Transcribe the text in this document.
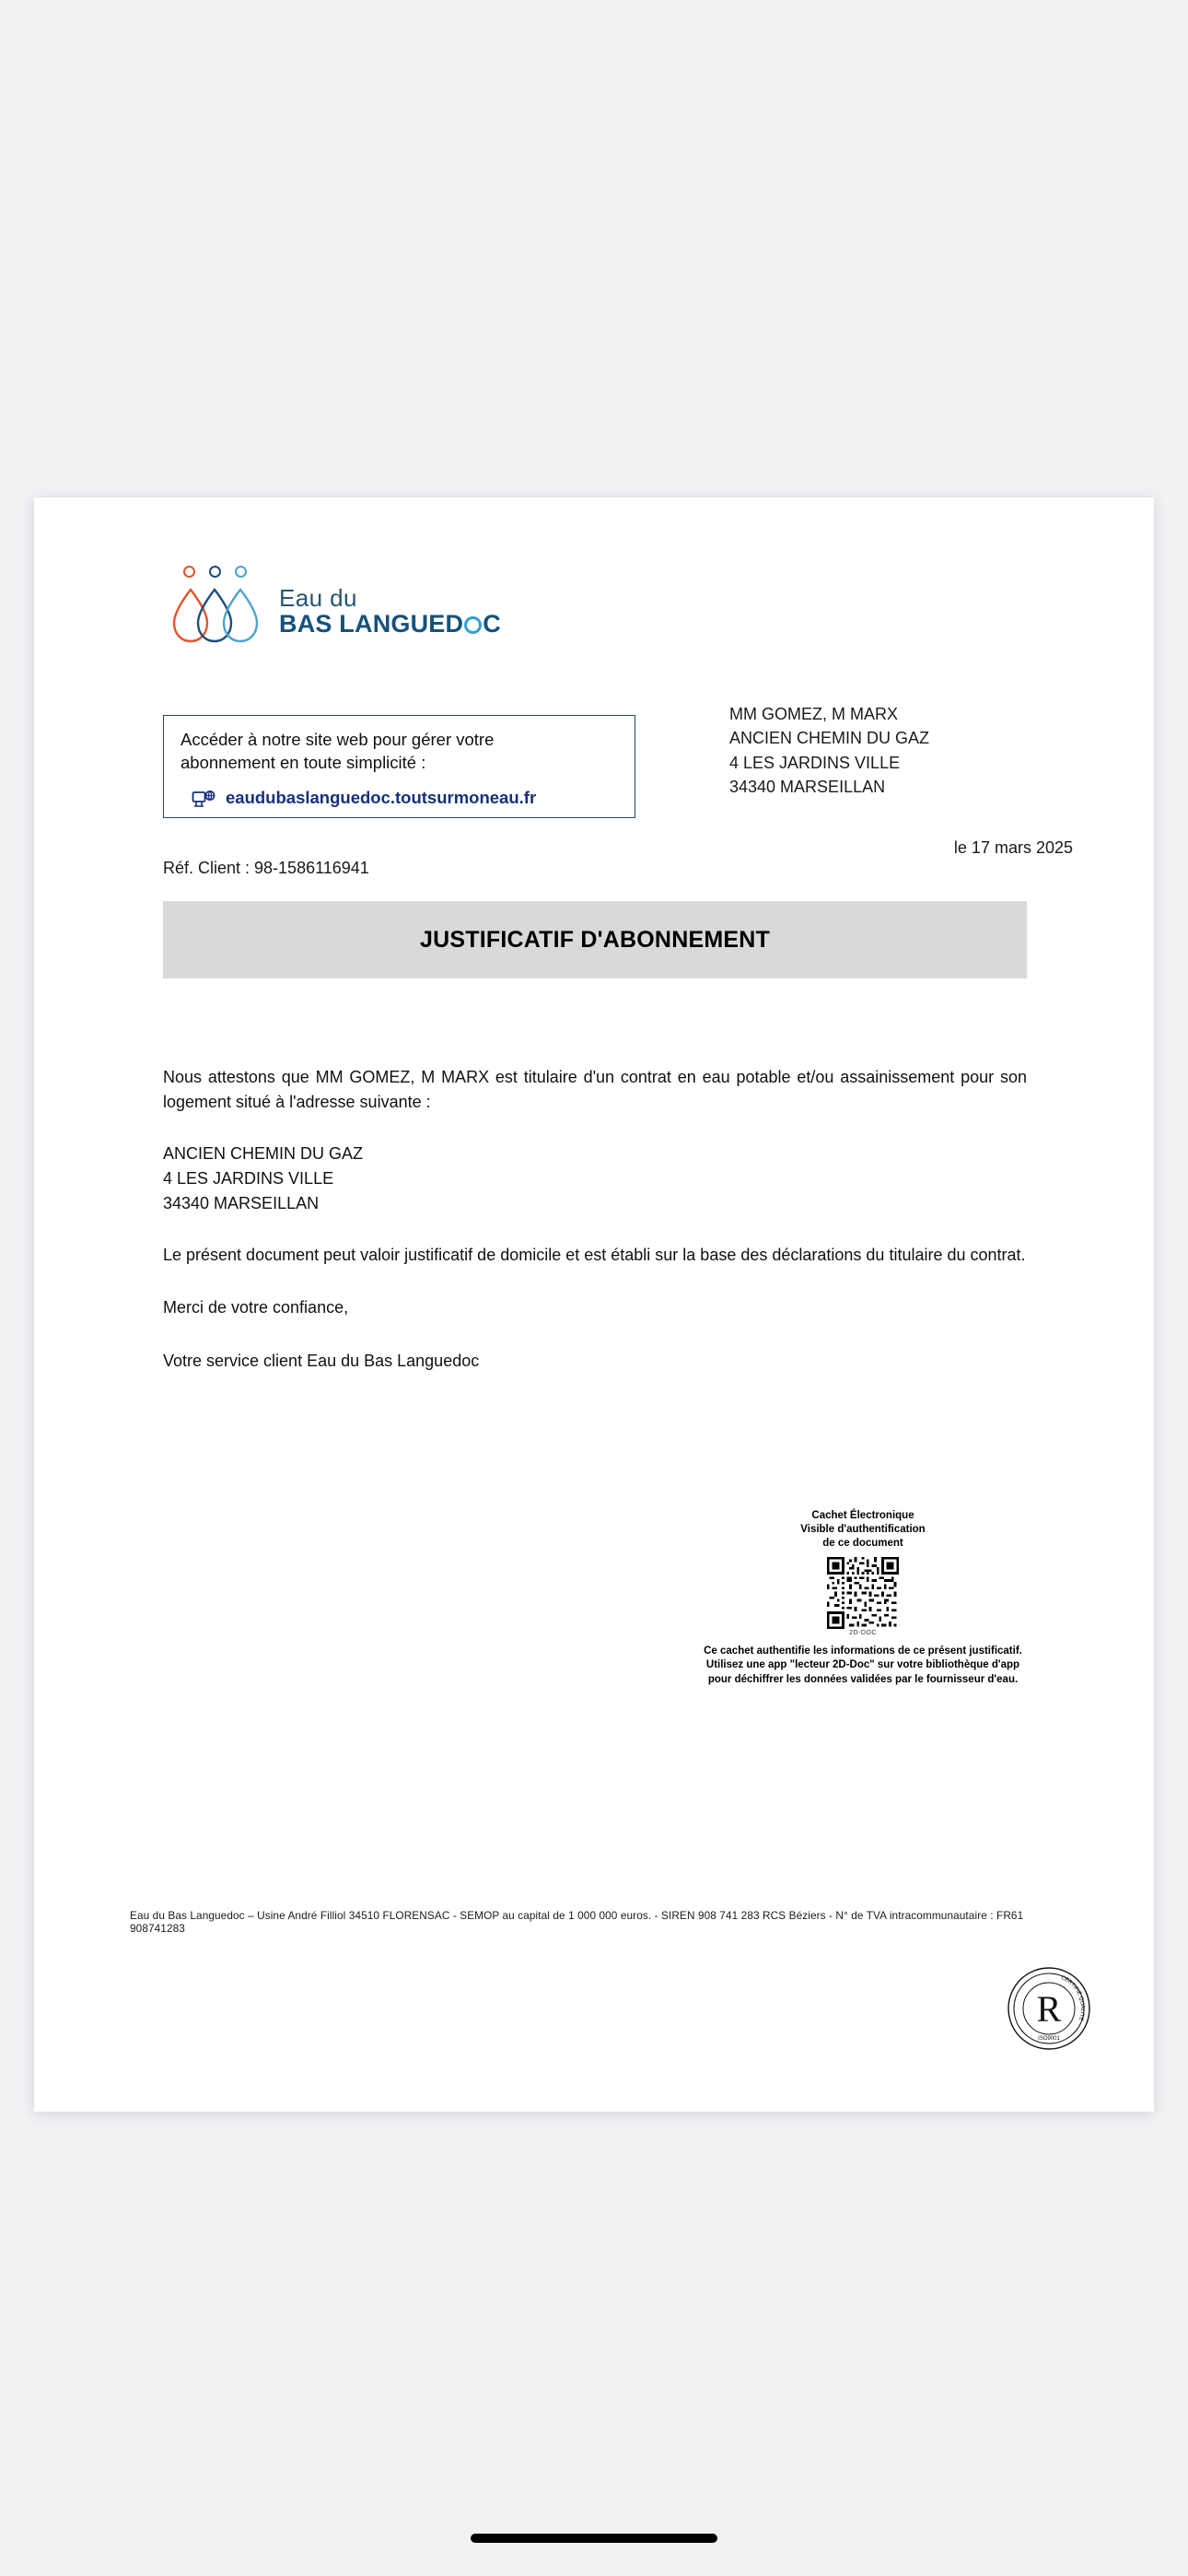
Eau du
BAS LANGUED C
Accéder à notre site web pour gérer votre
abonnement en toute simplicité :
eaudubaslanguedoc.toutsurmoneau.fr
MM GOMEZ, M MARX
ANCIEN CHEMIN DU GAZ
4 LES JARDINS VILLE
34340 MARSEILLAN
le 17 mars 2025
Réf. Client : 98-1586116941
JUSTIFICATIF D'ABONNEMENT

Nous attestons que MM GOMEZ, M MARX est titulaire d'un contrat en eau potable et/ou assainissement pour son logement situé à l'adresse suivante :

ANCIEN CHEMIN DU GAZ

4 LES JARDINS VILLE

34340 MARSEILLAN

Le présent document peut valoir justificatif de domicile et est établi sur la base des déclarations du titulaire du contrat.

Merci de votre confiance,

Votre service client Eau du Bas Languedoc

Cachet Électronique
Visible d'authentification
de ce document
2D-DOC
Ce cachet authentifie les informations de ce présent justificatif.
Utilisez une app "lecteur 2D-Doc" sur votre bibliothèque d'app
pour déchiffrer les données validées par le fournisseur d'eau.
Eau du Bas Languedoc – Usine André Filliol 34510 FLORENSAC - SEMOP au capital de 1 000 000 euros. - SIREN 908 741 283 RCS Béziers - N° de TVA intracommunautaire : FR61 908741283
R
CERTIFIÉ QUALITÉ
ISO9001
